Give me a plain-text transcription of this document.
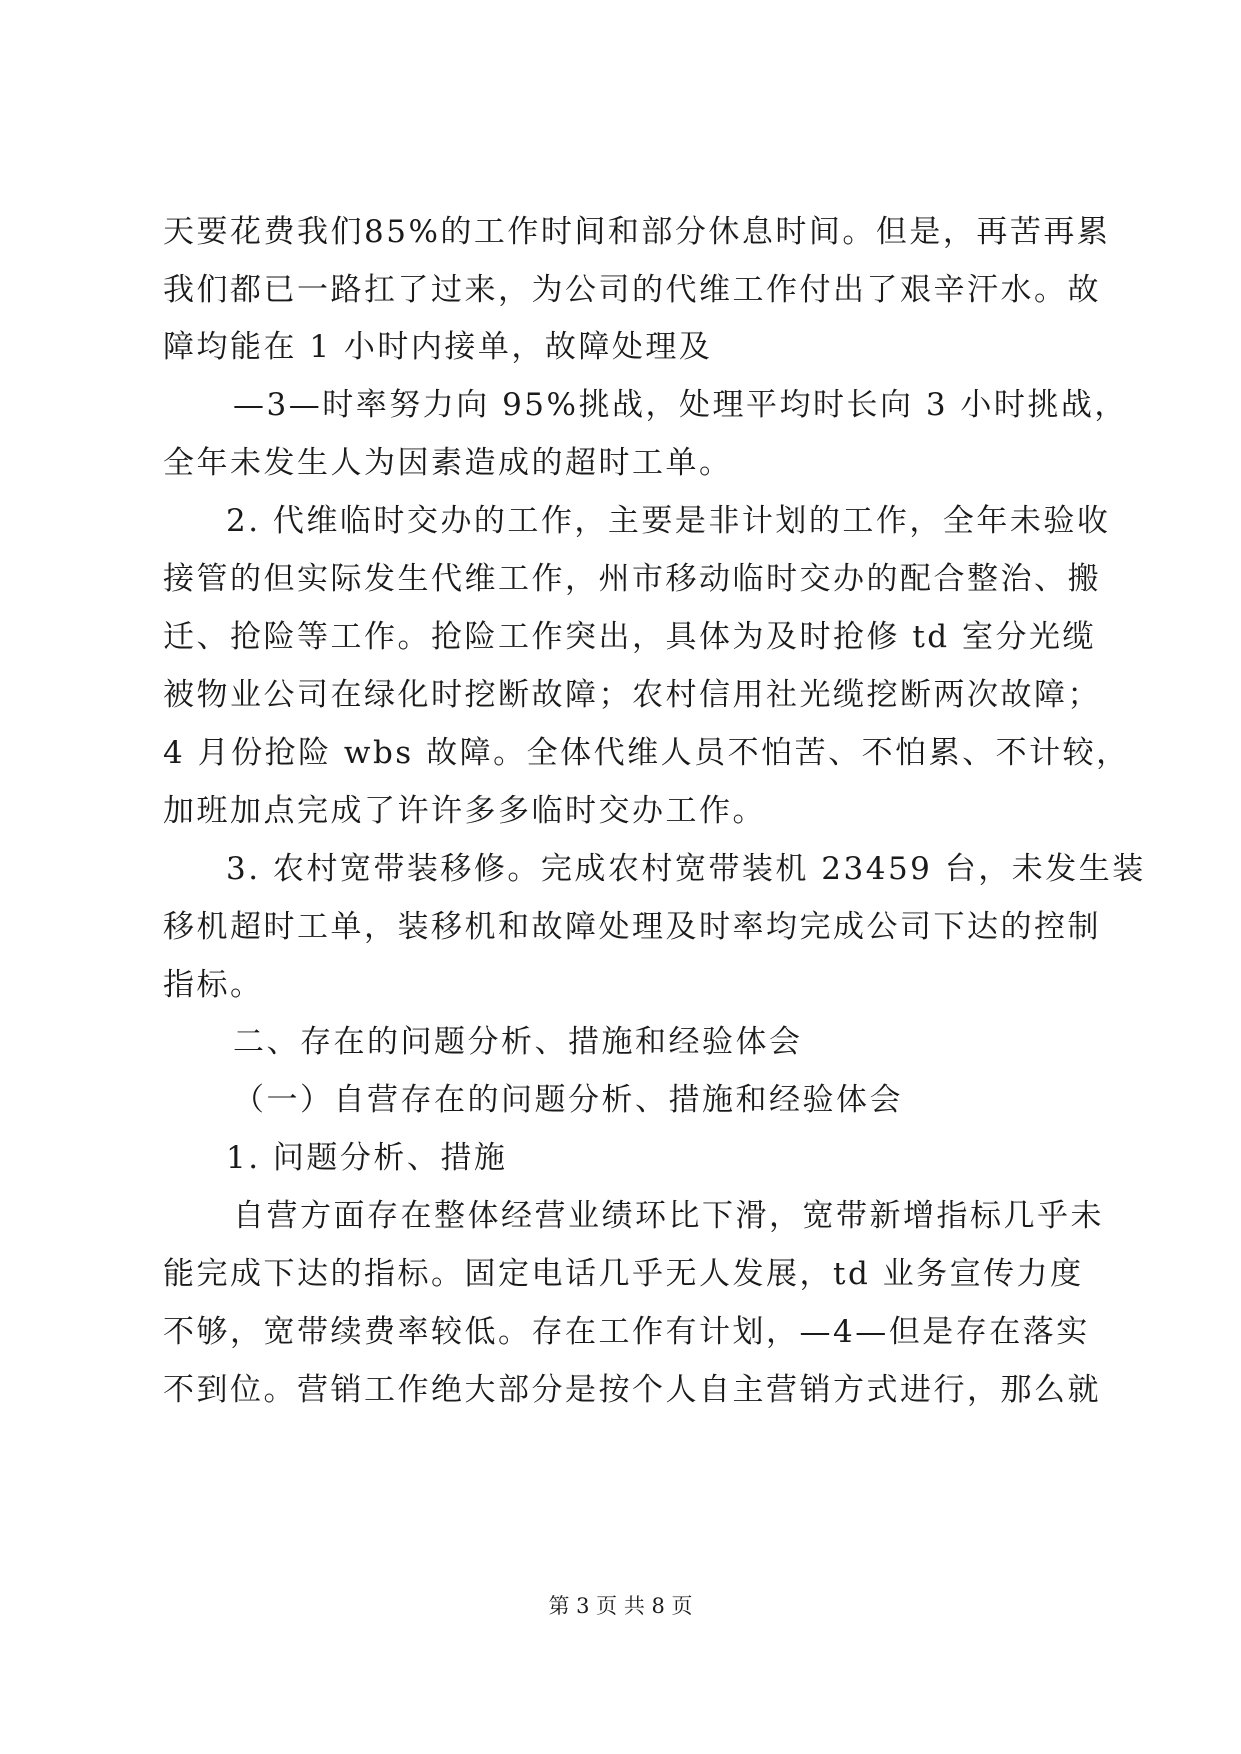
天要花费我们85%的工作时间和部分休息时间。但是，再苦再累
我们都已一路扛了过来，为公司的代维工作付出了艰辛汗水。故
障均能在 1 小时内接单，故障处理及
—3—时率努力向 95%挑战，处理平均时长向 3 小时挑战，
全年未发生人为因素造成的超时工单。
2. 代维临时交办的工作，主要是非计划的工作，全年未验收
接管的但实际发生代维工作，州市移动临时交办的配合整治、搬
迁、抢险等工作。抢险工作突出，具体为及时抢修 td 室分光缆
被物业公司在绿化时挖断故障；农村信用社光缆挖断两次故障；
4 月份抢险 wbs 故障。全体代维人员不怕苦、不怕累、不计较，
加班加点完成了许许多多临时交办工作。
3. 农村宽带装移修。完成农村宽带装机 23459 台，未发生装
移机超时工单，装移机和故障处理及时率均完成公司下达的控制
指标。
二、存在的问题分析、措施和经验体会
（一）自营存在的问题分析、措施和经验体会
1. 问题分析、措施
自营方面存在整体经营业绩环比下滑，宽带新增指标几乎未
能完成下达的指标。固定电话几乎无人发展，td 业务宣传力度
不够，宽带续费率较低。存在工作有计划，—4—但是存在落实
不到位。营销工作绝大部分是按个人自主营销方式进行，那么就
第 3 页 共 8 页
